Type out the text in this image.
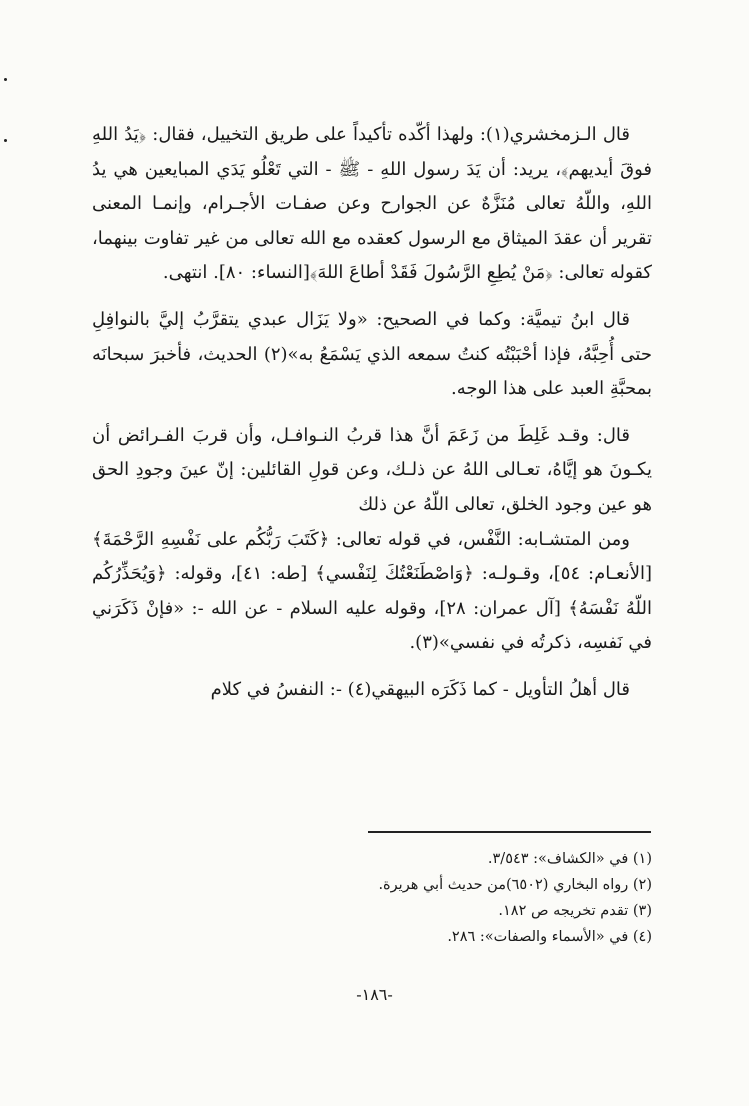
قال الـزمخشري(١): ولهذا أكّده تأكيداً على طريق التخييل، فقال: ﴿يَدُ اللهِ فوقَ أيديهم﴾، يريد: أن يَدَ رسول اللهِ - ﷺ - التي تَعْلُو يَدَي المبايعين هي يدُ اللهِ، واللّهُ تعالى مُنَزَّهٌ عن الجوارح وعن صفـات الأجـرام، وإنمـا المعنى تقرير أن عقدَ الميثاق مع الرسول كعقده مع الله تعالى من غير تفاوت بينهما، كقوله تعالى: ﴿مَنْ يُطِعِ الرَّسُولَ فَقَدْ أطاعَ اللهَ﴾[النساء: ٨٠]. انتهى.

قال ابنُ تيميَّة: وكما في الصحيح: «ولا يَزَال عبدي يتقرَّبُ إليَّ بالنوافِلِ حتى أُحِبَّهُ، فإذا أحْبَبْتُه كنتُ سمعه الذي يَسْمَعُ به»(٢) الحديث، فأخبرَ سبحانَه بمحبَّةِ العبد على هذا الوجه.

قال: وقـد غَلِطَ من زَعَمَ أنَّ هذا قربُ النـوافـل، وأن قربَ الفـرائض أن يكـونَ هو إيَّاهُ، تعـالى اللهُ عن ذلـك، وعن قولِ القائلين: إنّ عينَ وجودِ الحق هو عين وجود الخلق، تعالى اللّهُ عن ذلك

ومن المتشـابه: النَّفْس، في قوله تعالى: ﴿كَتَبَ رَبُّكُم على نَفْسِهِ الرَّحْمَةَ﴾ [الأنعـام: ٥٤]، وقـولـه: ﴿وَاصْطَنَعْتُكَ لِنَفْسي﴾ [طه: ٤١]، وقوله: ﴿وَيُحَذِّرُكُم اللّهُ نَفْسَهُ﴾ [آل عمران: ٢٨]، وقوله عليه السلام - عن الله -: «فإنْ ذَكَرَني في نَفسِه، ذكرتُه في نفسي»(٣).

قال أهلُ التأويل - كما ذَكَرَه البيهقي(٤) -: النفسُ في كلام

(١) في «الكشاف»: ٣/٥٤٣.

(٢) رواه البخاري (٦٥٠٢)من حديث أبي هريرة.

(٣) تقدم تخريجه ص ١٨٢.

(٤) في «الأسماء والصفات»: ٢٨٦.

-١٨٦-
